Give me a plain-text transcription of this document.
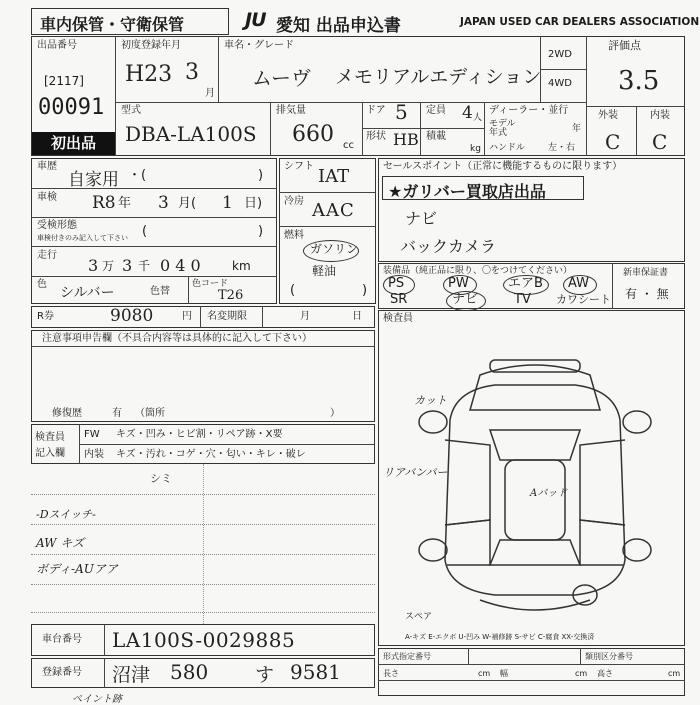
車内保管・守衛保管	JU 愛知 出品申込書	JAPAN USED CAR DEALERS ASSOCIATION
出品番号
[2117]
00091
初出品
初度登録年月
H23 3
月
車名・グレード
ムーヴ メモリアルエディション
2WD
4WD
評価点
3.5
外装	内装
C C
型式
DBA-LA100S
排気量
660 cc
ドア 5
形状 HB
定員 4 人
積載
kg
ディーラー・並行
モデル 年式	年
ハンドル	左・右
車歴
自家用 ・(	)
車検 R8 年 3 月( 1 日)
受検形態
車検付きのみ記入して下さい (	)
走行
3 万 3 千 0 4 0	km
色
シルバー	色替
色コード
T26
シフト IAT
冷房 AAC
燃料
ガソリン
軽油
(	)
セールスポイント（正常に機能するものに限ります）
★ガリバー買取店出品
ナビ
バックカメラ
装備品（純正品に限り、〇をつけてください）
PS	PW	エアB AW
SR	ナビ	TV カワシート
新車保証書
有 ・ 無
R券	9080	円 名変期限	月	日
注意事項申告欄（不具合内容等は具体的に記入して下さい）
修復歴	有 （箇所	）
検査員
記入欄
FW キズ・凹み・ヒビ割・リペア跡・X要
内装 キズ・汚れ・コゲ・穴・匂い・キレ・破レ
シミ
-Dスイッチ-
AW キズ
ボディ-AUアア
検査員
カット
リアバンパー
Aパッド
スペア
A-キズ E-エクボ U-凹み W-補修跡 S-サビ C-腐食 XX-交換済
車台番号 LA100S-0029885
登録番号 沼津 580 す 9581
ペイント跡
形式指定番号	類別区分番号
長さ	cm 幅	cm 高さ	cm
